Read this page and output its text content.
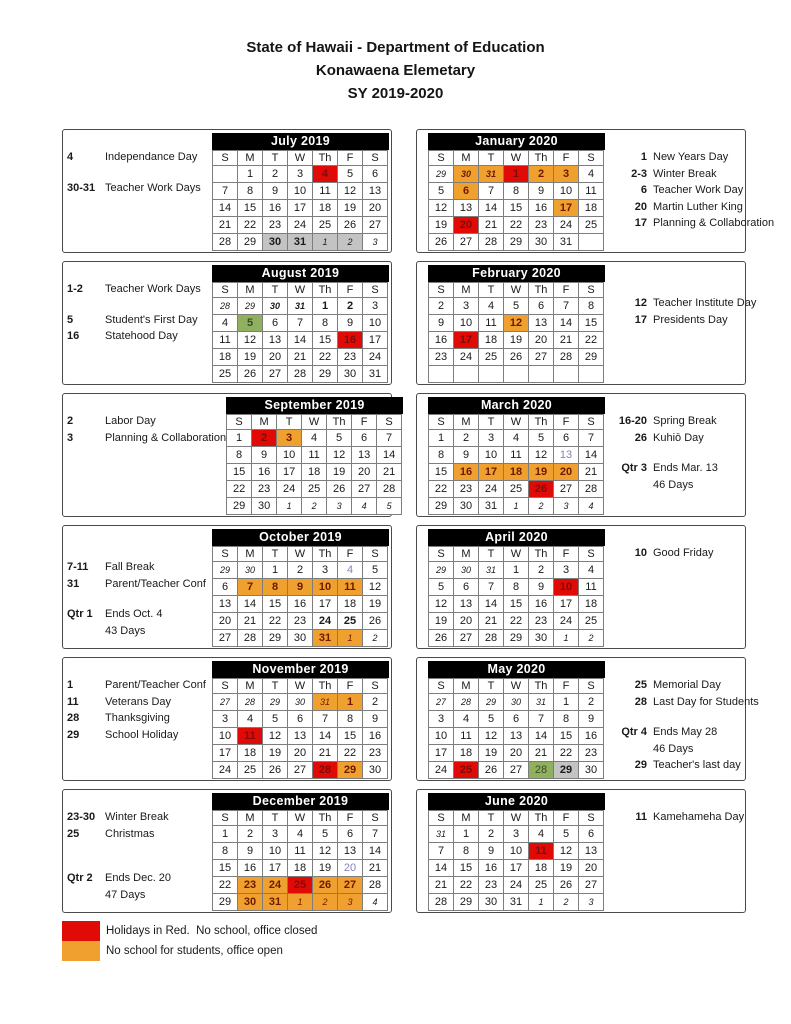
State of Hawaii - Department of Education
Konawaena Elemetary
SY 2019-2020
4	Independance Day
30-31 Teacher Work Days
July 2019
S	M	T	W	Th	F	S
	1	2	3	4	5	6
7	8	9	10	11	12	13
14	15	16	17	18	19	20
21	22	23	24	25	26	27
28	29	30	31	1	2	3
January 2020
S	M	T	W	Th	F	S
29	30	31	1	2	3	4
5	6	7	8	9	10	11
12	13	14	15	16	17	18
19	20	21	22	23	24	25
26	27	28	29	30	31	
1 New Years Day
2-3 Winter Break
6 Teacher Work Day
20 Martin Luther King
17 Planning & Collaboration
1-2	Teacher Work Days
5	Student's First Day
16	Statehood Day
August 2019
S	M	T	W	Th	F	S
28	29	30	31	1	2	3
4	5	6	7	8	9	10
11	12	13	14	15	16	17
18	19	20	21	22	23	24
25	26	27	28	29	30	31
February 2020
S	M	T	W	Th	F	S
2	3	4	5	6	7	8
9	10	11	12	13	14	15
16	17	18	19	20	21	22
23	24	25	26	27	28	29

12 Teacher Institute Day
17 Presidents Day
2	Labor Day
3	Planning & Collaboration
September 2019
S	M	T	W	Th	F	S
1	2	3	4	5	6	7
8	9	10	11	12	13	14
15	16	17	18	19	20	21
22	23	24	25	26	27	28
29	30	1	2	3	4	5
March 2020
S	M	T	W	Th	F	S
1	2	3	4	5	6	7
8	9	10	11	12	13	14
15	16	17	18	19	20	21
22	23	24	25	26	27	28
29	30	31	1	2	3	4
16-20 Spring Break
26 Kuhiō Day
Qtr 3 Ends Mar. 13
46 Days
7-11	Fall Break
31	Parent/Teacher Conf
Qtr 1	Ends Oct. 4
43 Days
October 2019
S	M	T	W	Th	F	S
29	30	1	2	3	4	5
6	7	8	9	10	11	12
13	14	15	16	17	18	19
20	21	22	23	24	25	26
27	28	29	30	31	1	2
April 2020
S	M	T	W	Th	F	S
29	30	31	1	2	3	4
5	6	7	8	9	10	11
12	13	14	15	16	17	18
19	20	21	22	23	24	25
26	27	28	29	30	1	2
10 Good Friday
1	Parent/Teacher Conf
11	Veterans Day
28	Thanksgiving
29	School Holiday
November 2019
S	M	T	W	Th	F	S
27	28	29	30	31	1	2
3	4	5	6	7	8	9
10	11	12	13	14	15	16
17	18	19	20	21	22	23
24	25	26	27	28	29	30
May 2020
S	M	T	W	Th	F	S
27	28	29	30	31	1	2
3	4	5	6	7	8	9
10	11	12	13	14	15	16
17	18	19	20	21	22	23
24	25	26	27	28	29	30
25 Memorial Day
28 Last Day for Students
Qtr 4 Ends May 28
46 Days
29 Teacher's last day
23-30 Winter Break
25	Christmas
Qtr 2	Ends Dec. 20
47 Days
December 2019
S	M	T	W	Th	F	S
1	2	3	4	5	6	7
8	9	10	11	12	13	14
15	16	17	18	19	20	21
22	23	24	25	26	27	28
29	30	31	1	2	3	4
June 2020
S	M	T	W	Th	F	S
31	1	2	3	4	5	6
7	8	9	10	11	12	13
14	15	16	17	18	19	20
21	22	23	24	25	26	27
28	29	30	31	1	2	3
11 Kamehameha Day
Holidays in Red.  No school, office closed
No school for students, office open
